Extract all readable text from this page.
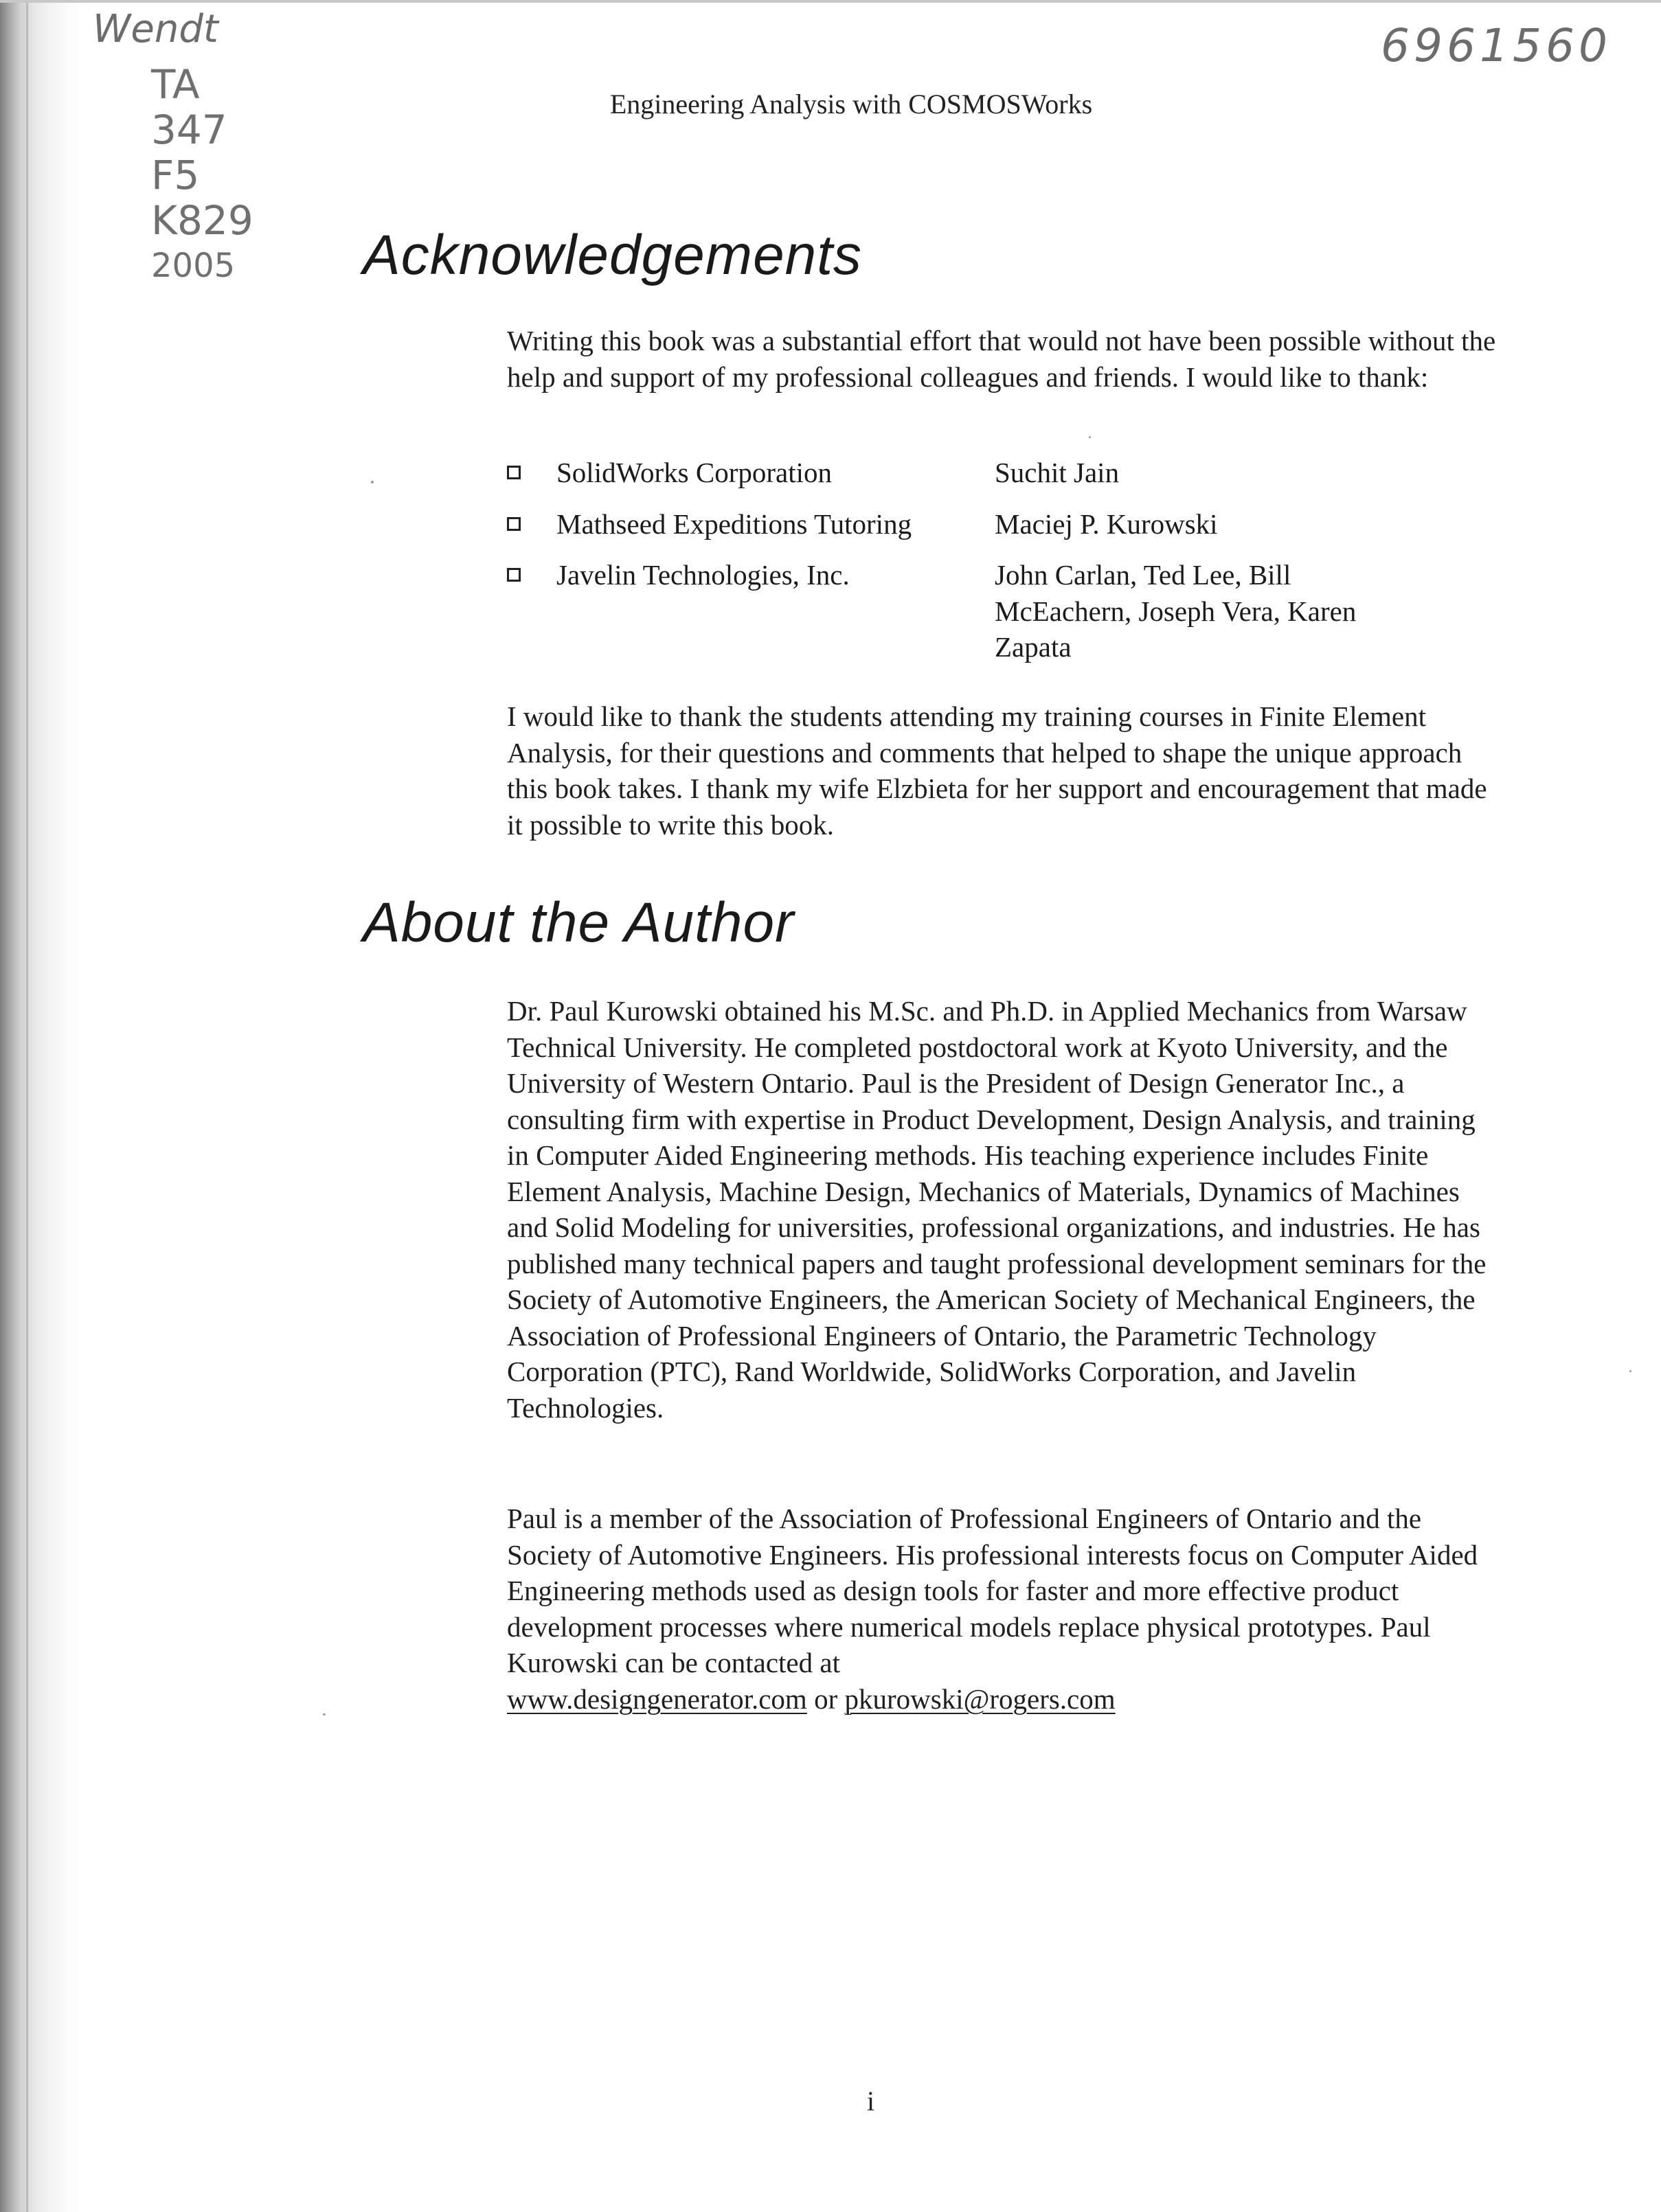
Wendt
TA
347
F5
K829
2005
6961560
Engineering Analysis with COSMOSWorks
Acknowledgements

Writing this book was a substantial effort that would not have been possible without the help and support of my professional colleagues and friends. I would like to thank:

SolidWorks Corporation	Suchit Jain
Mathseed Expeditions Tutoring	Maciej P. Kurowski
Javelin Technologies, Inc.	John Carlan, Ted Lee, Bill McEachern, Joseph Vera, Karen Zapata

I would like to thank the students attending my training courses in Finite Element Analysis, for their questions and comments that helped to shape the unique approach this book takes. I thank my wife Elzbieta for her support and encouragement that made it possible to write this book.

About the Author

Dr. Paul Kurowski obtained his M.Sc. and Ph.D. in Applied Mechanics from Warsaw Technical University. He completed postdoctoral work at Kyoto University, and the University of Western Ontario. Paul is the President of Design Generator Inc., a consulting firm with expertise in Product Development, Design Analysis, and training in Computer Aided Engineering methods. His teaching experience includes Finite Element Analysis, Machine Design, Mechanics of Materials, Dynamics of Machines and Solid Modeling for universities, professional organizations, and industries. He has published many technical papers and taught professional development seminars for the Society of Automotive Engineers, the American Society of Mechanical Engineers, the Association of Professional Engineers of Ontario, the Parametric Technology Corporation (PTC), Rand Worldwide, SolidWorks Corporation, and Javelin Technologies.

Paul is a member of the Association of Professional Engineers of Ontario and the Society of Automotive Engineers. His professional interests focus on Computer Aided Engineering methods used as design tools for faster and more effective product development processes where numerical models replace physical prototypes. Paul Kurowski can be contacted at
www.designgenerator.com or pkurowski@rogers.com

i
